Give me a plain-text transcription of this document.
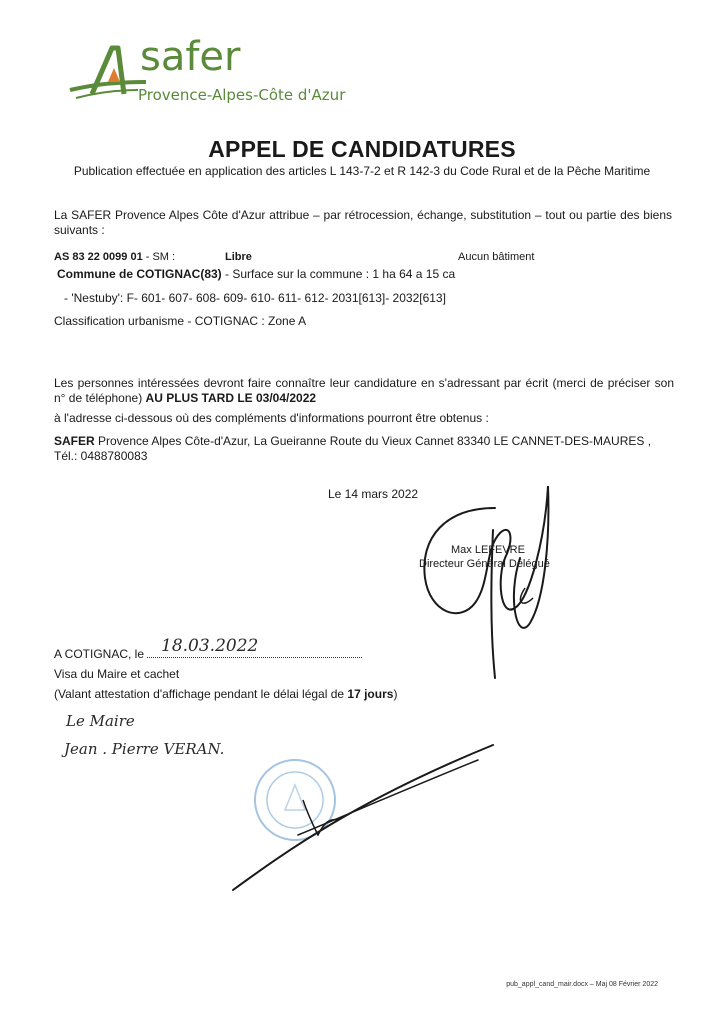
safer
Provence-Alpes-Côte d'Azur
APPEL DE CANDIDATURES
Publication effectuée en application des articles L 143-7-2 et R 142-3 du Code Rural et de la Pêche Maritime
La SAFER Provence Alpes Côte d'Azur attribue – par rétrocession, échange, substitution – tout ou partie des biens suivants :
AS 83 22 0099 01 - SM :	Libre	Aucun bâtiment
Commune de COTIGNAC(83) - Surface sur la commune : 1 ha 64 a 15 ca
- 'Nestuby': F- 601- 607- 608- 609- 610- 611- 612- 2031[613]- 2032[613]
Classification urbanisme - COTIGNAC : Zone A
Les personnes intéressées devront faire connaître leur candidature en s'adressant par écrit (merci de préciser son n° de téléphone) AU PLUS TARD LE 03/04/2022
à l'adresse ci-dessous où des compléments d'informations pourront être obtenus :
SAFER Provence Alpes Côte-d'Azur, La Gueiranne Route du Vieux Cannet 83340 LE CANNET-DES-MAURES ,
Tél.: 0488780083
Le 14 mars 2022
Max LEFEVRE
Directeur Général Délégué
A COTIGNAC, le 18.03.2022
Visa du Maire et cachet
(Valant attestation d'affichage pendant le délai légal de 17 jours)
Le Maire
Jean . Pierre VERAN.
pub_appl_cand_mair.docx – Maj 08 Février 2022
